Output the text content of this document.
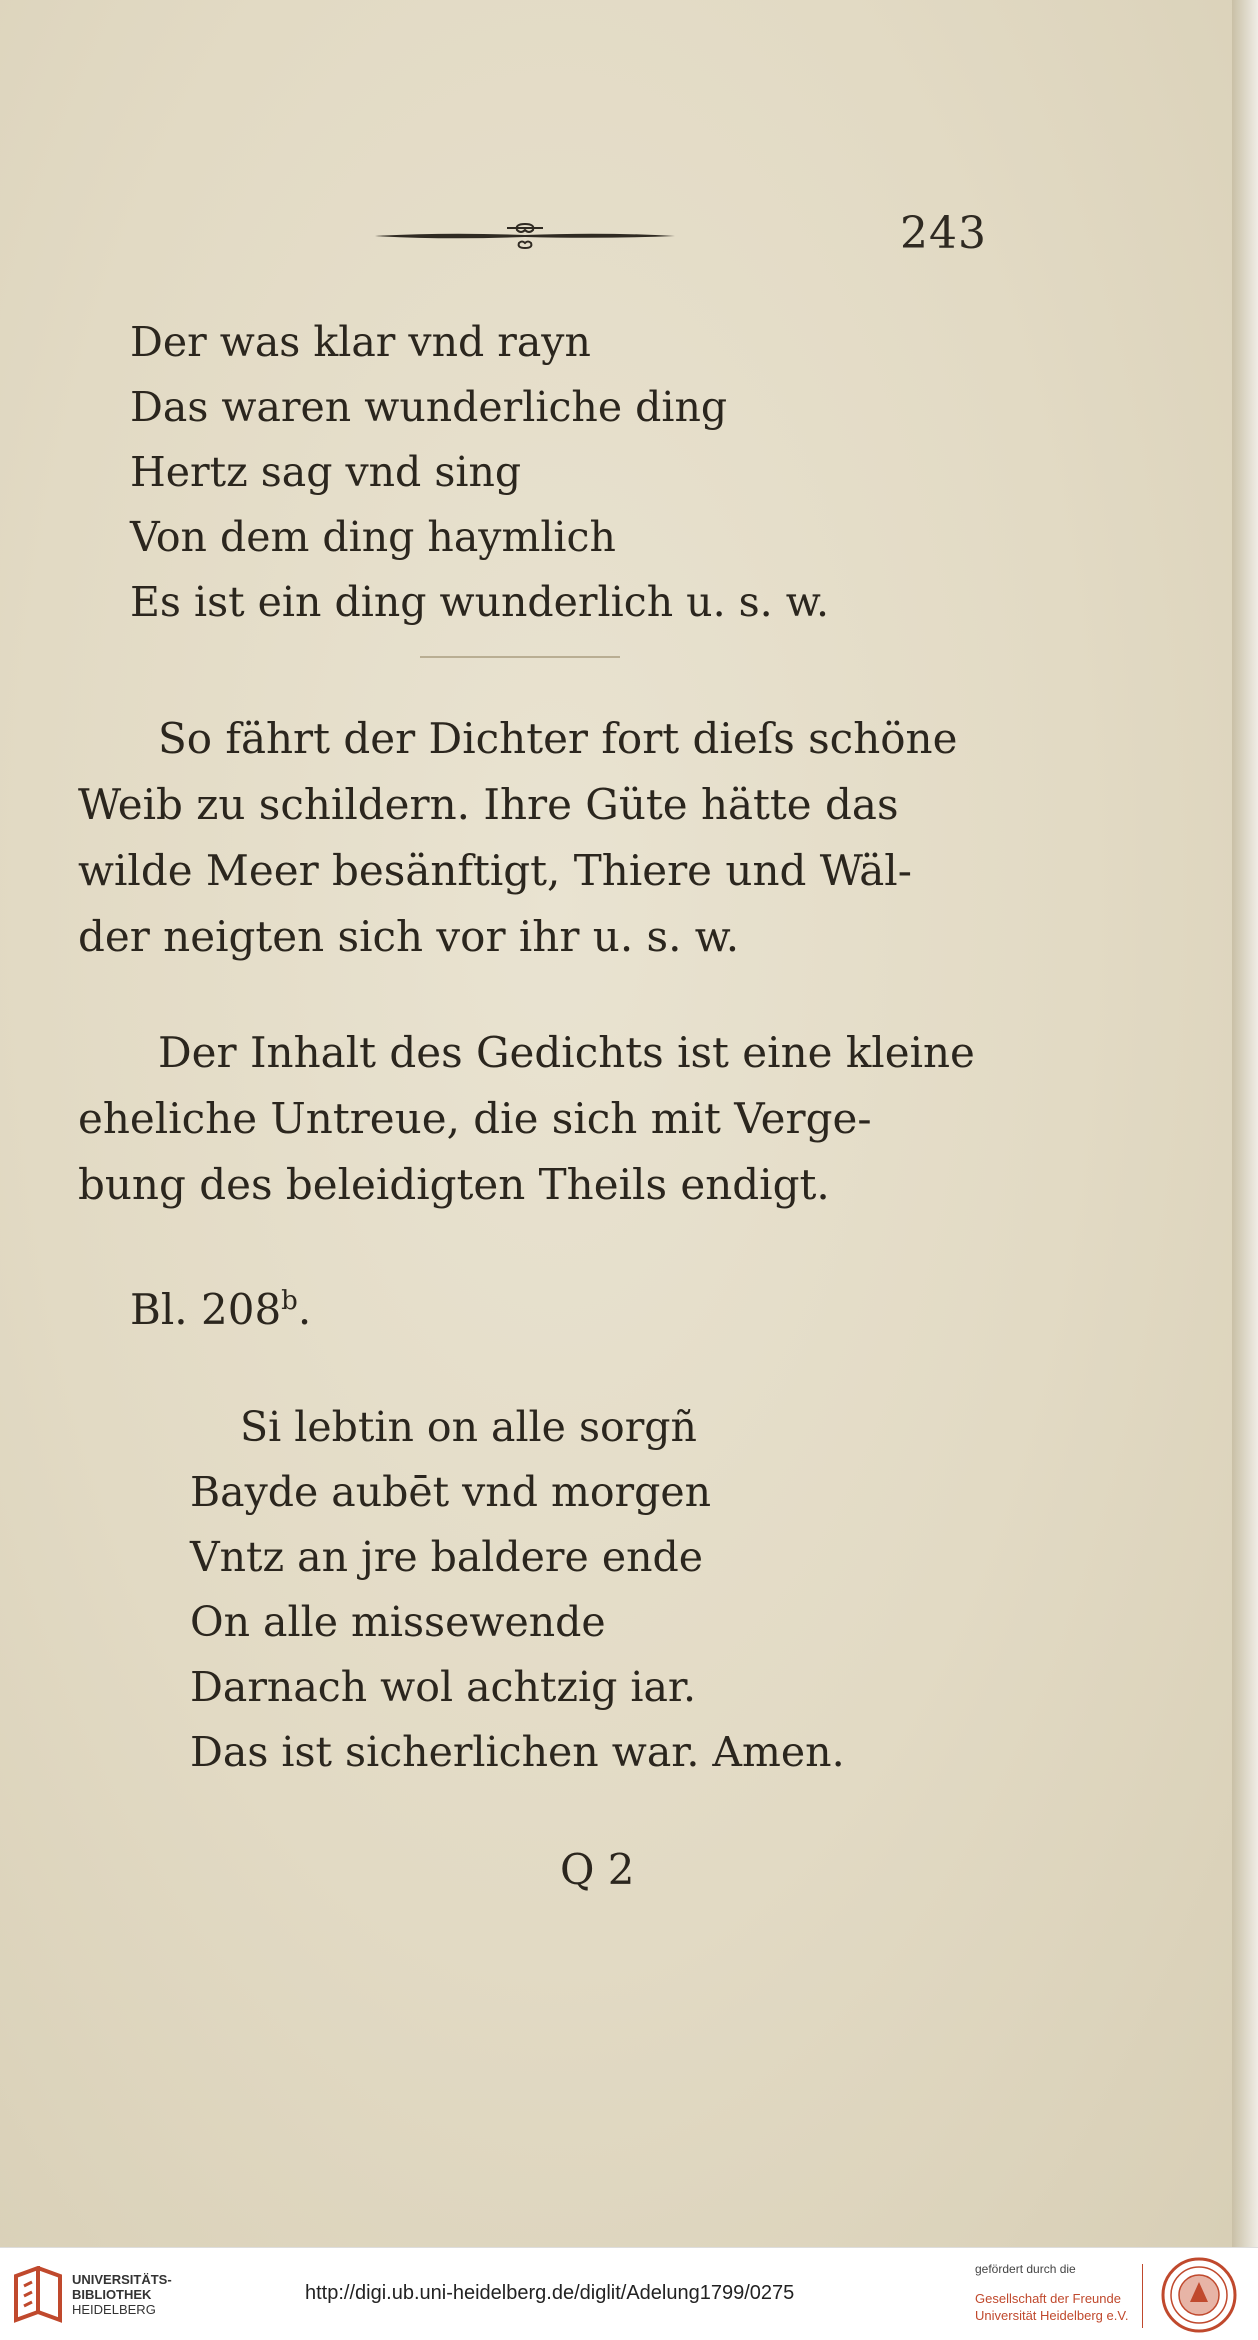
243
Der was klar vnd rayn
Das waren wunderliche ding
Hertz sag vnd sing
Von dem ding haymlich
Es ist ein ding wunderlich u. s. w.
So fährt der Dichter fort dieſs schöne
Weib zu schildern. Ihre Güte hätte das
wilde Meer besänftigt, Thiere und Wäl-
der neigten sich vor ihr u. s. w.
Der Inhalt des Gedichts ist eine kleine
eheliche Untreue, die sich mit Verge-
bung des beleidigten Theils endigt.
Bl. 208$^b$.
Si lebtin on alle sorgñ
Bayde aubēt vnd morgen
Vntz an jre baldere ende
On alle missewende
Darnach wol achtzig iar.
Das ist sicherlichen war. Amen.
Q 2
UNIVERSITÄTS-
BIBLIOTHEK
HEIDELBERG
http://digi.ub.uni-heidelberg.de/diglit/Adelung1799/0275
gefördert durch die
Gesellschaft der Freunde
Universität Heidelberg e.V.
